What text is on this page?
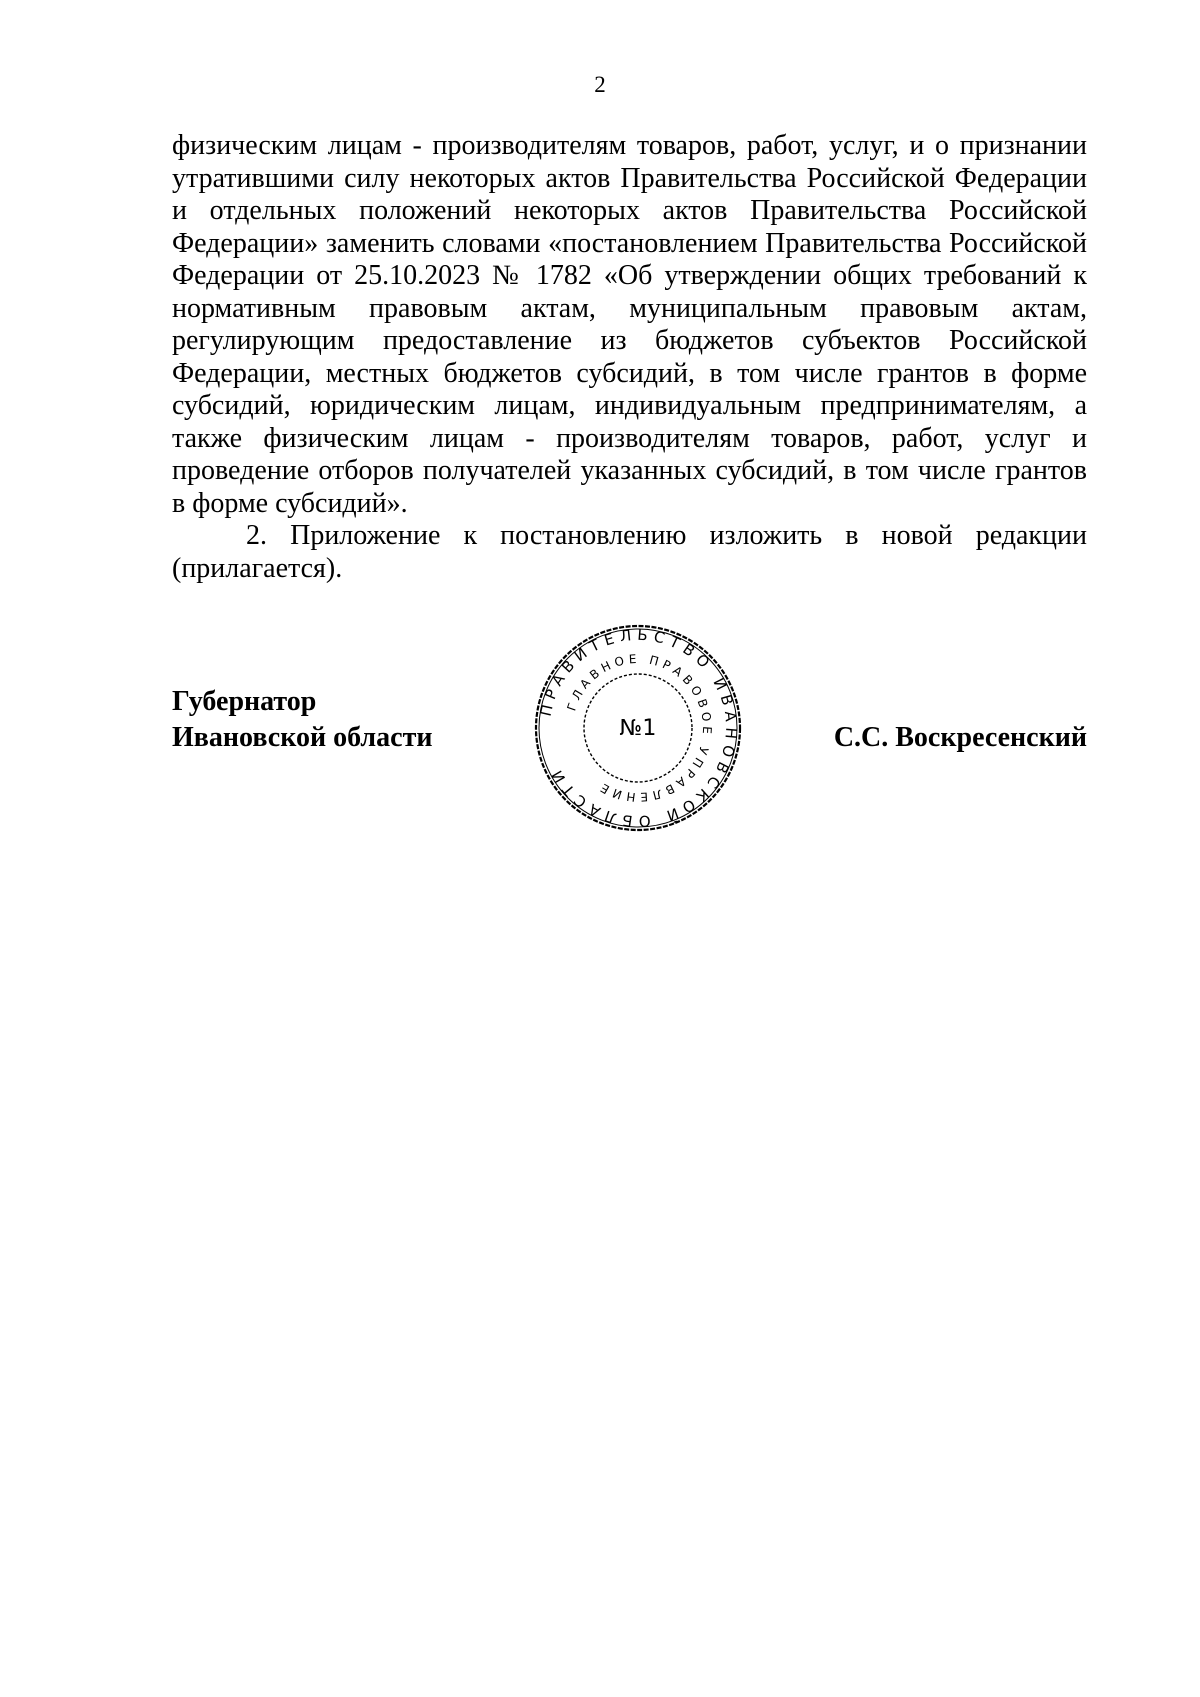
2

физическим лицам - производителям товаров, работ, услуг, и о признании утратившими силу некоторых актов Правительства Российской Федерации и отдельных положений некоторых актов Правительства Российской Федерации» заменить словами «постановлением Правительства Российской Федерации от 25.10.2023 № 1782 «Об утверждении общих требований к нормативным правовым актам, муниципальным правовым актам, регулирующим предоставление из бюджетов субъектов Российской Федерации, местных бюджетов субсидий, в том числе грантов в форме субсидий, юридическим лицам, индивидуальным предпринимателям, а также физическим лицам - производителям товаров, работ, услуг и проведение отборов получателей указанных субсидий, в том числе грантов в форме субсидий».

2. Приложение к постановлению изложить в новой редакции (прилагается).

Губернатор
Ивановской области	С.С. Воскресенский
ПРАВИТЕЛЬСТВО ИВАНОВСКОЙ ОБЛАСТИ
ГЛАВНОЕ ПРАВОВОЕ УПРАВЛЕНИЕ
№1
